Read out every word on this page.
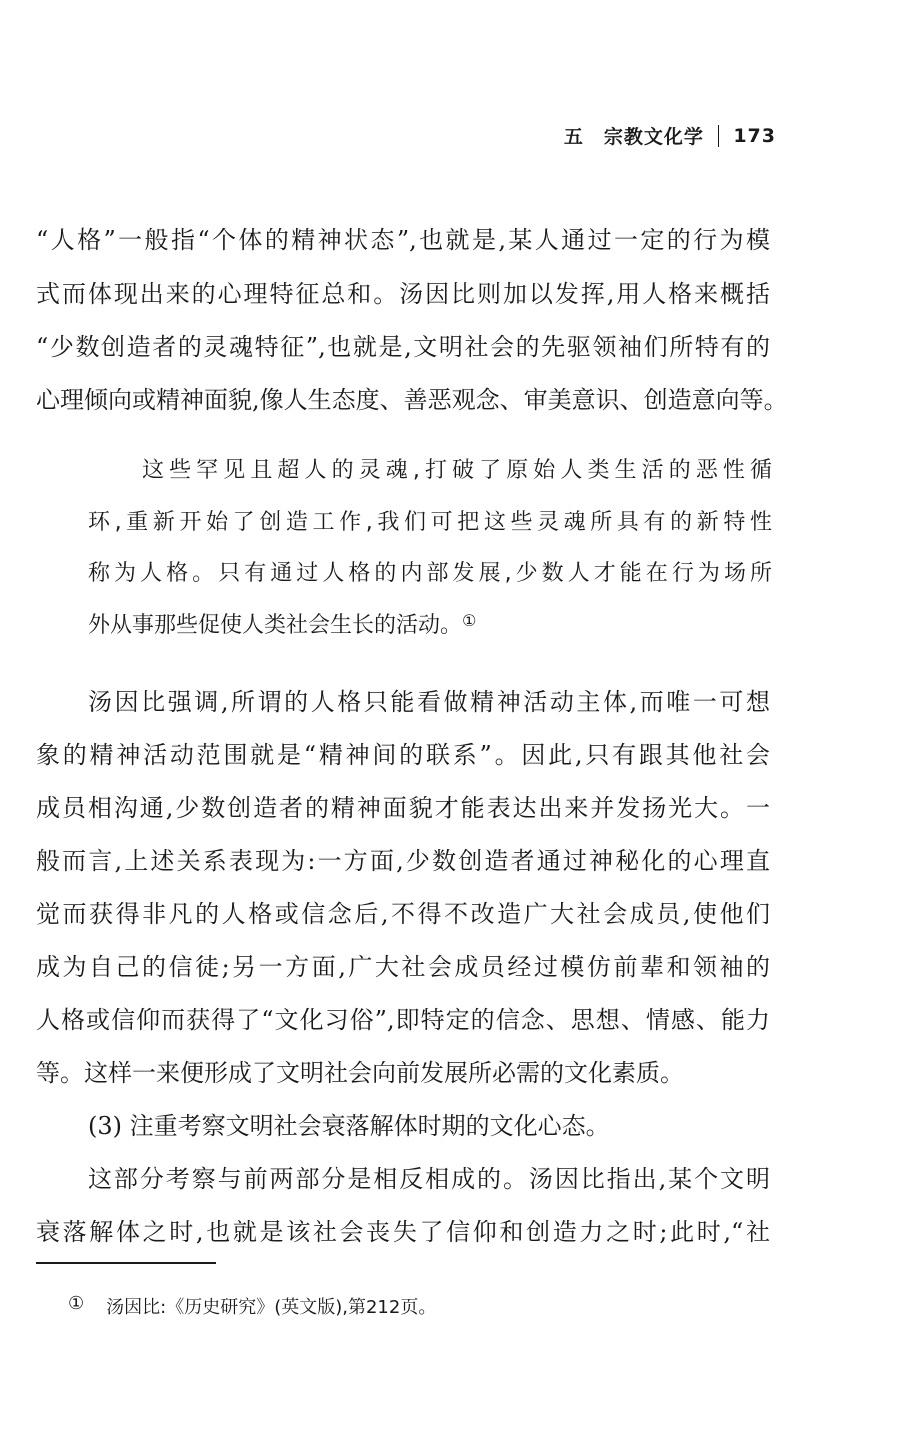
五　宗教文化学 173
“人格”一般指“个体的精神状态”,也就是,某人通过一定的行为模
式而体现出来的心理特征总和。汤因比则加以发挥,用人格来概括
“少数创造者的灵魂特征”,也就是,文明社会的先驱领袖们所特有的
心理倾向或精神面貌,像人生态度、善恶观念、审美意识、创造意向等。
这些罕见且超人的灵魂,打破了原始人类生活的恶性循
环,重新开始了创造工作,我们可把这些灵魂所具有的新特性
称为人格。只有通过人格的内部发展,少数人才能在行为场所
外从事那些促使人类社会生长的活动。①
汤因比强调,所谓的人格只能看做精神活动主体,而唯一可想
象的精神活动范围就是“精神间的联系”。因此,只有跟其他社会
成员相沟通,少数创造者的精神面貌才能表达出来并发扬光大。一
般而言,上述关系表现为:一方面,少数创造者通过神秘化的心理直
觉而获得非凡的人格或信念后,不得不改造广大社会成员,使他们
成为自己的信徒;另一方面,广大社会成员经过模仿前辈和领袖的
人格或信仰而获得了“文化习俗”,即特定的信念、思想、情感、能力
等。这样一来便形成了文明社会向前发展所必需的文化素质。
(3) 注重考察文明社会衰落解体时期的文化心态。
这部分考察与前两部分是相反相成的。汤因比指出,某个文明
衰落解体之时,也就是该社会丧失了信仰和创造力之时;此时,“社
① 汤因比:《历史研究》(英文版),第212页。
